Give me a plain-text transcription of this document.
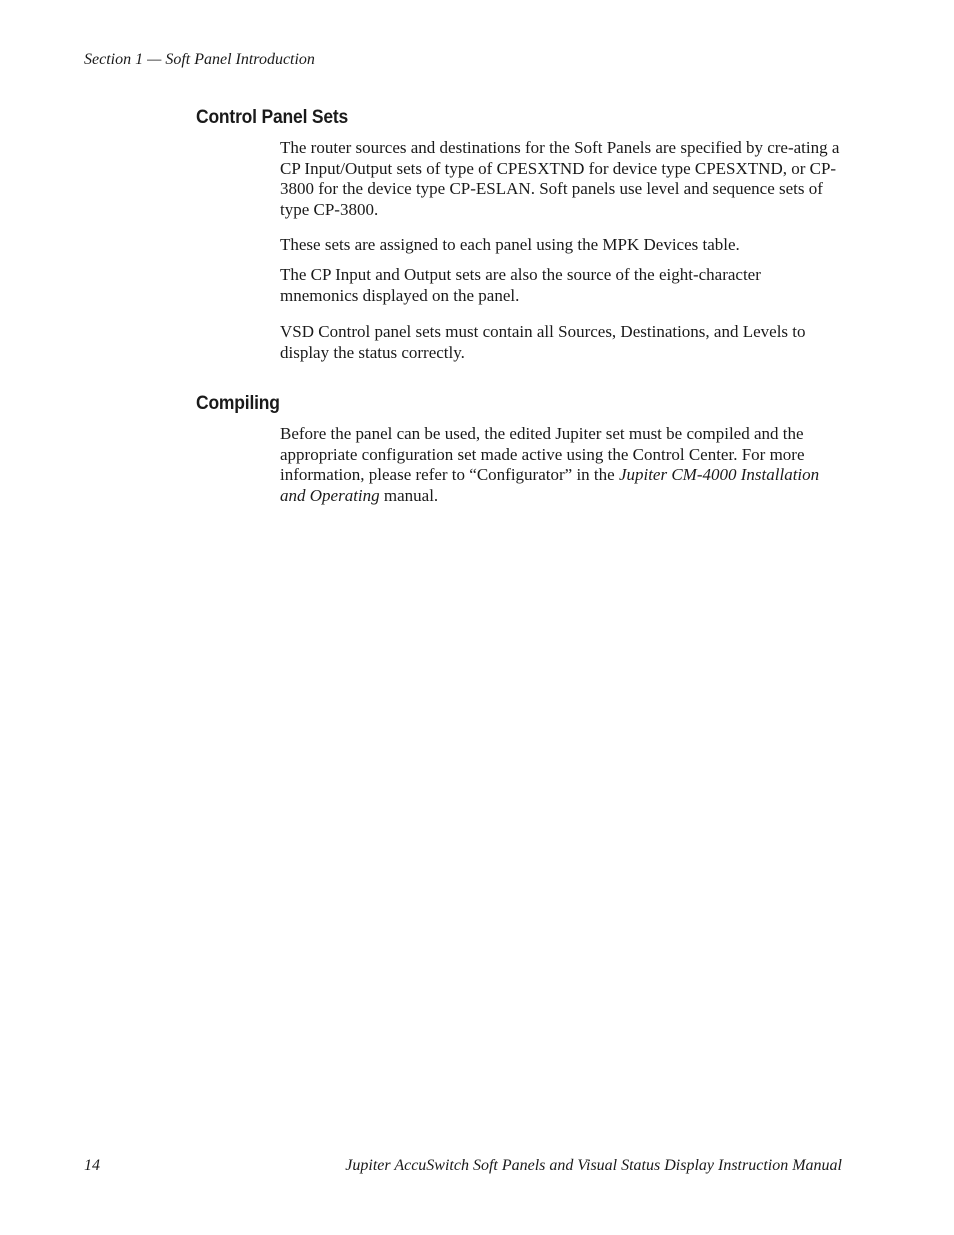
Section 1 — Soft Panel Introduction
Control Panel Sets

The router sources and destinations for the Soft Panels are specified by cre-ating a CP Input/Output sets of type of CPESXTND for device type CPESXTND, or CP-3800 for the device type CP-ESLAN. Soft panels use level and sequence sets of type CP-3800.

These sets are assigned to each panel using the MPK Devices table.

The CP Input and Output sets are also the source of the eight-character mnemonics displayed on the panel.

VSD Control panel sets must contain all Sources, Destinations, and Levels to display the status correctly.

Compiling

Before the panel can be used, the edited Jupiter set must be compiled and the appropriate configuration set made active using the Control Center. For more information, please refer to “Configurator” in the Jupiter CM-4000 Installation and Operating manual.

14	Jupiter AccuSwitch Soft Panels and Visual Status Display Instruction Manual
